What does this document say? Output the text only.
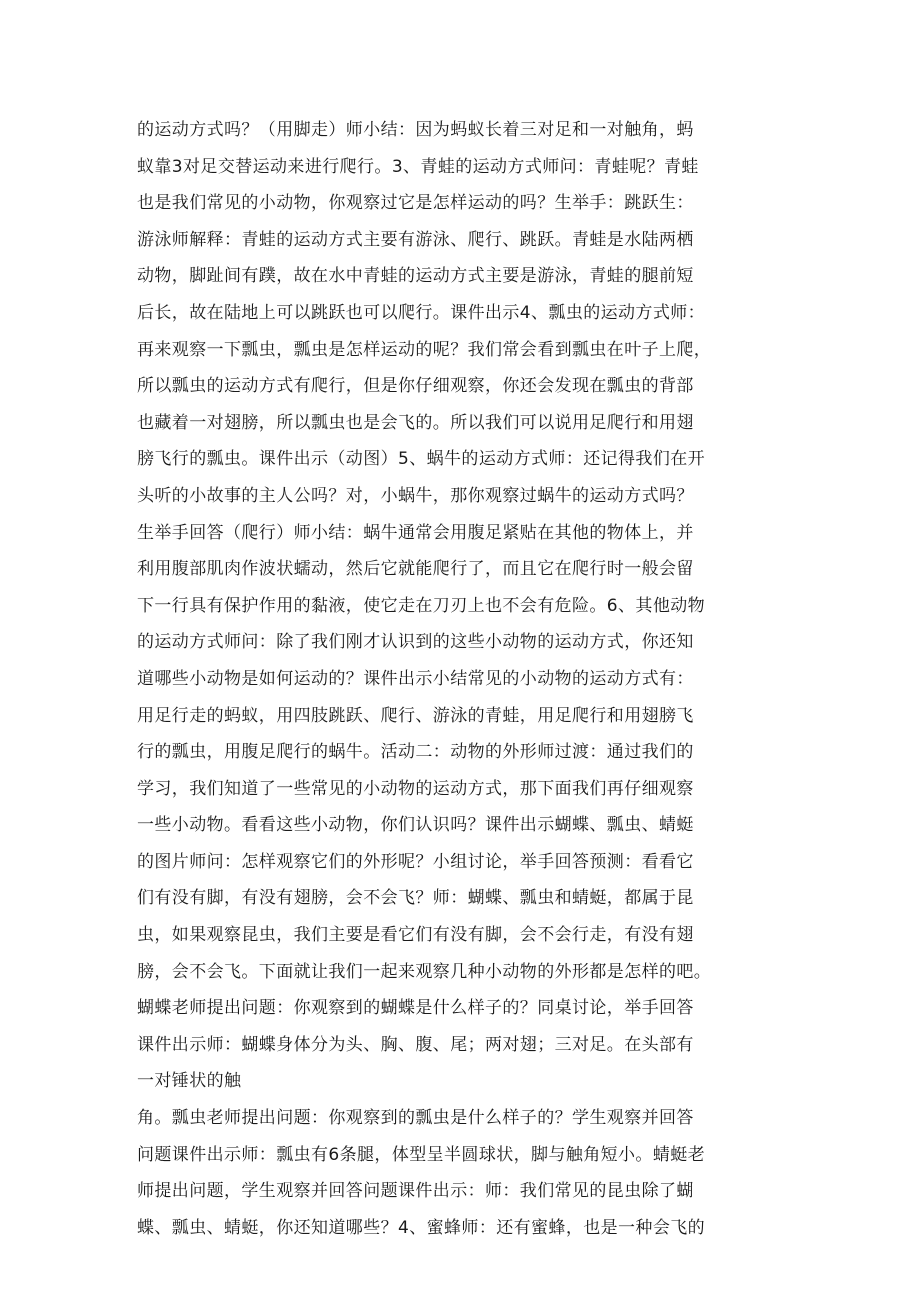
的运动方式吗？（用脚走）师小结：因为蚂蚁长着三对足和一对触角，蚂
蚁靠3对足交替运动来进行爬行。3、青蛙的运动方式师问：青蛙呢？青蛙
也是我们常见的小动物，你观察过它是怎样运动的吗？生举手：跳跃生：
游泳师解释：青蛙的运动方式主要有游泳、爬行、跳跃。青蛙是水陆两栖
动物，脚趾间有蹼，故在水中青蛙的运动方式主要是游泳，青蛙的腿前短
后长，故在陆地上可以跳跃也可以爬行。课件出示4、瓢虫的运动方式师：
再来观察一下瓢虫，瓢虫是怎样运动的呢？我们常会看到瓢虫在叶子上爬，
所以瓢虫的运动方式有爬行，但是你仔细观察，你还会发现在瓢虫的背部
也藏着一对翅膀，所以瓢虫也是会飞的。所以我们可以说用足爬行和用翅
膀飞行的瓢虫。课件出示（动图）5、蜗牛的运动方式师：还记得我们在开
头听的小故事的主人公吗？对，小蜗牛，那你观察过蜗牛的运动方式吗？
生举手回答（爬行）师小结：蜗牛通常会用腹足紧贴在其他的物体上，并
利用腹部肌肉作波状蠕动，然后它就能爬行了，而且它在爬行时一般会留
下一行具有保护作用的黏液，使它走在刀刃上也不会有危险。6、其他动物
的运动方式师问：除了我们刚才认识到的这些小动物的运动方式，你还知
道哪些小动物是如何运动的？课件出示小结常见的小动物的运动方式有：
用足行走的蚂蚁，用四肢跳跃、爬行、游泳的青蛙，用足爬行和用翅膀飞
行的瓢虫，用腹足爬行的蜗牛。活动二：动物的外形师过渡：通过我们的
学习，我们知道了一些常见的小动物的运动方式，那下面我们再仔细观察
一些小动物。看看这些小动物，你们认识吗？课件出示蝴蝶、瓢虫、蜻蜓
的图片师问：怎样观察它们的外形呢？小组讨论，举手回答预测：看看它
们有没有脚，有没有翅膀，会不会飞？师：蝴蝶、瓢虫和蜻蜓，都属于昆
虫，如果观察昆虫，我们主要是看它们有没有脚，会不会行走，有没有翅
膀，会不会飞。下面就让我们一起来观察几种小动物的外形都是怎样的吧。
蝴蝶老师提出问题：你观察到的蝴蝶是什么样子的？同桌讨论，举手回答
课件出示师：蝴蝶身体分为头、胸、腹、尾；两对翅；三对足。在头部有
一对锤状的触
角。瓢虫老师提出问题：你观察到的瓢虫是什么样子的？学生观察并回答
问题课件出示师：瓢虫有6条腿，体型呈半圆球状，脚与触角短小。蜻蜓老
师提出问题，学生观察并回答问题课件出示：师：我们常见的昆虫除了蝴
蝶、瓢虫、蜻蜓，你还知道哪些？4、蜜蜂师：还有蜜蜂，也是一种会飞的
